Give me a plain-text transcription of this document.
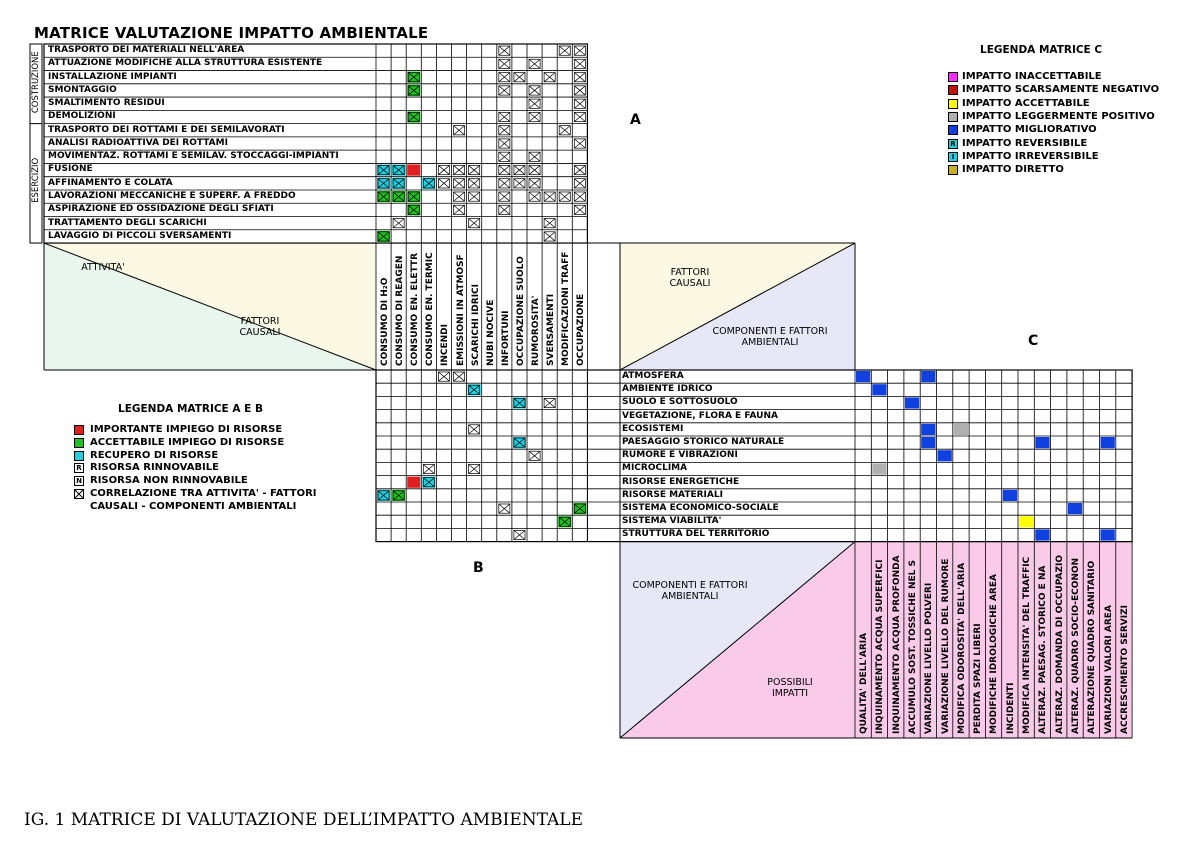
MATRICE VALUTAZIONE IMPATTO AMBIENTALE
TRASPORTO DEI MATERIALI NELL'AREA
ATTUAZIONE MODIFICHE ALLA STRUTTURA ESISTENTE
INSTALLAZIONE IMPIANTI
SMONTAGGIO
SMALTIMENTO RESIDUI
DEMOLIZIONI
TRASPORTO DEI ROTTAMI E DEI SEMILAVORATI
ANALISI RADIOATTIVA DEI ROTTAMI
MOVIMENTAZ. ROTTAMI E SEMILAV. STOCCAGGI-IMPIANTI
FUSIONE
AFFINAMENTO E COLATA
LAVORAZIONI MECCANICHE E SUPERF. A FREDDO
ASPIRAZIONE ED OSSIDAZIONE DEGLI SFIATI
TRATTAMENTO DEGLI SCARICHI
LAVAGGIO DI PICCOLI SVERSAMENTI
ATMOSFERA
AMBIENTE IDRICO
SUOLO E SOTTOSUOLO
VEGETAZIONE, FLORA E FAUNA
ECOSISTEMI
PAESAGGIO STORICO NATURALE
RUMORE E VIBRAZIONI
MICROCLIMA
RISORSE ENERGETICHE
RISORSE MATERIALI
SISTEMA ECONOMICO-SOCIALE
SISTEMA VIABILITA'
STRUTTURA DEL TERRITORIO
CONSUMO DI H₂O CONSUMO DI REAGEN CONSUMO EN. ELETTR CONSUMO EN. TERMIC INCENDI EMISSIONI IN ATMOSF SCARICHI IDRICI NUBI NOCIVE INFORTUNI OCCUPAZIONE SUOLO RUMOROSITA' SVERSAMENTI MODIFICAZIONI TRAFF OCCUPAZIONE
QUALITA' DELL'ARIA INQUINAMENTO ACQUA SUPERFICI INQUINAMENTO ACQUA PROFONDA ACCUMULO SOST. TOSSICHE NEL S VARIAZIONE LIVELLO POLVERI VARIAZIONE LIVELLO DEL RUMORE MODIFICA ODOROSITA' DELL'ARIA PERDITA SPAZI LIBERI MODIFICHE IDROLOGICHE AREA INCIDENTI MODIFICA INTENSITA' DEL TRAFFIC ALTERAZ. PAESAG. STORICO E NA ALTERAZ. DOMANDA DI OCCUPAZIO ALTERAZ. QUADRO SOCIO-ECONON ALTERAZIONE QUADRO SANITARIO VARIAZIONI VALORI AREA ACCRESCIMENTO SERVIZI
COSTRUZIONE
ESERCIZIO
A
B
C
ATTIVITA'
FATTORI CAUSALI
FATTORI CAUSALI
COMPONENTI E FATTORI AMBIENTALI
COMPONENTI E FATTORI AMBIENTALI
POSSIBILI IMPATTI
LEGENDA MATRICE C
IMPATTO INACCETTABILE
IMPATTO SCARSAMENTE NEGATIVO
IMPATTO ACCETTABILE
IMPATTO LEGGERMENTE POSITIVO
IMPATTO MIGLIORATIVO
R IMPATTO REVERSIBILE
I IMPATTO IRREVERSIBILE
IMPATTO DIRETTO
LEGENDA MATRICE A E B
IMPORTANTE IMPIEGO DI RISORSE
ACCETTABILE IMPIEGO DI RISORSE
RECUPERO DI RISORSE
R RISORSA RINNOVABILE
N RISORSA NON RINNOVABILE
CORRELAZIONE TRA ATTIVITA' - FATTORI
CAUSALI - COMPONENTI AMBIENTALI
IG. 1 MATRICE DI VALUTAZIONE DELL’IMPATTO AMBIENTALE
